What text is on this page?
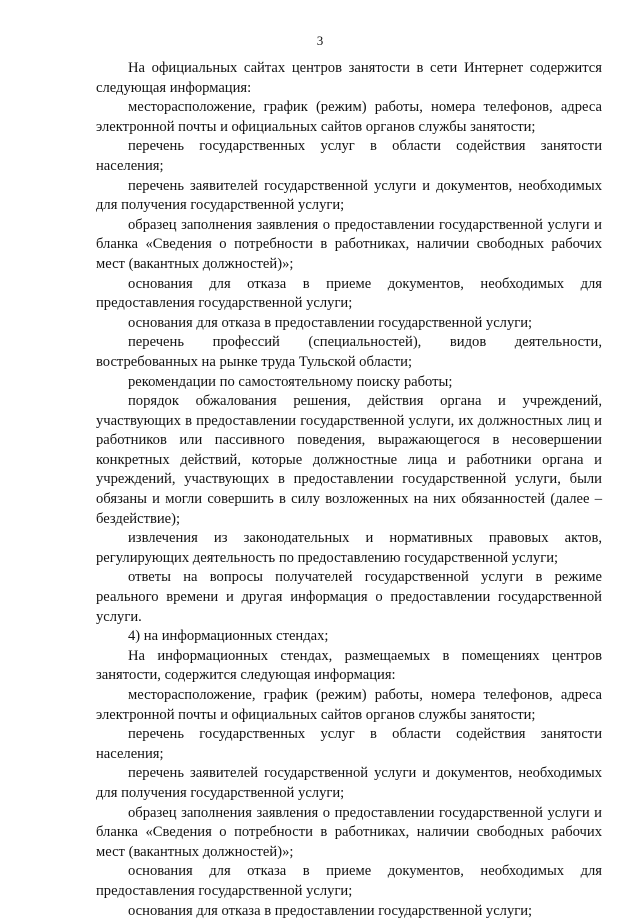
3

На официальных сайтах центров занятости в сети Интернет содержится следующая информация:

месторасположение, график (режим) работы, номера телефонов, адреса электронной почты и официальных сайтов органов службы занятости;

перечень государственных услуг в области содействия занятости населения;

перечень заявителей государственной услуги и документов, необходимых для получения государственной услуги;

образец заполнения заявления о предоставлении государственной услуги и бланка «Сведения о потребности в работниках, наличии свободных рабочих мест (вакантных должностей)»;

основания для отказа в приеме документов, необходимых для предоставления государственной услуги;

основания для отказа в предоставлении государственной услуги;

перечень профессий (специальностей), видов деятельности, востребованных на рынке труда Тульской области;

рекомендации по самостоятельному поиску работы;

порядок обжалования решения, действия органа и учреждений, участвующих в предоставлении государственной услуги, их должностных лиц и работников или пассивного поведения, выражающегося в несовершении конкретных действий, которые должностные лица и работники органа и учреждений, участвующих в предоставлении государственной услуги, были обязаны и могли совершить в силу возложенных на них обязанностей (далее – бездействие);

извлечения из законодательных и нормативных правовых актов, регулирующих деятельность по предоставлению государственной услуги;

ответы на вопросы получателей государственной услуги в режиме реального времени и другая информация о предоставлении государственной услуги.

4) на информационных стендах;

На информационных стендах, размещаемых в помещениях центров занятости, содержится следующая информация:

месторасположение, график (режим) работы, номера телефонов, адреса электронной почты и официальных сайтов органов службы занятости;

перечень государственных услуг в области содействия занятости населения;

перечень заявителей государственной услуги и документов, необходимых для получения государственной услуги;

образец заполнения заявления о предоставлении государственной услуги и бланка «Сведения о потребности в работниках, наличии свободных рабочих мест (вакантных должностей)»;

основания для отказа в приеме документов, необходимых для предоставления государственной услуги;

основания для отказа в предоставлении государственной услуги;
